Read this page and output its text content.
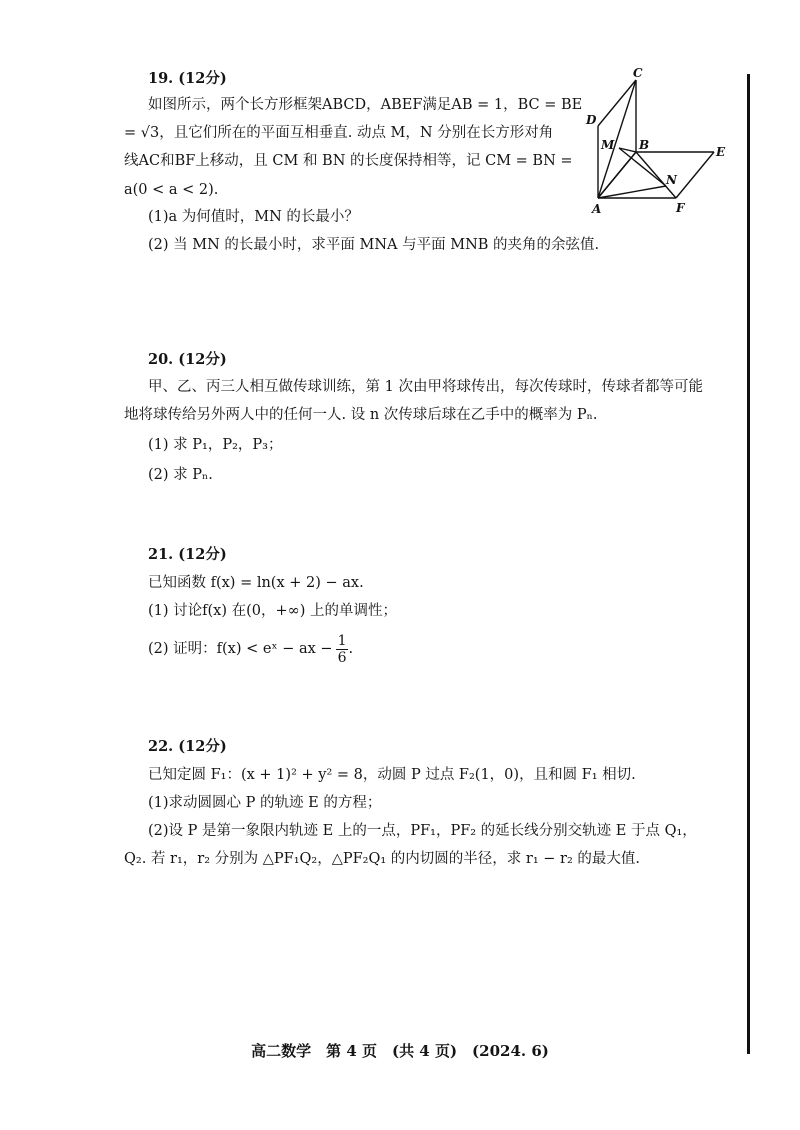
19. (12分)
如图所示，两个长方形框架ABCD，ABEF满足AB = 1，BC = BE
= √3，且它们所在的平面互相垂直. 动点 M，N 分别在长方形对角
线AC和BF上移动，且 CM 和 BN 的长度保持相等，记 CM = BN =
a(0 < a < 2).
(1)a 为何值时，MN 的长最小？
(2) 当 MN 的长最小时，求平面 MNA 与平面 MNB 的夹角的余弦值.
C
D
M B	E
N
A	F
20. (12分)
甲、乙、丙三人相互做传球训练，第 1 次由甲将球传出，每次传球时，传球者都等可能
地将球传给另外两人中的任何一人. 设 n 次传球后球在乙手中的概率为 Pₙ.
(1) 求 P₁，P₂，P₃；
(2) 求 Pₙ.
21. (12分)
已知函数 f(x) = ln(x + 2) − ax.
(1) 讨论f(x) 在(0，+∞) 上的单调性；
(2) 证明：f(x) < eˣ − ax − $\frac{1}{6}$ .
22. (12分)
已知定圆 F₁：(x + 1)² + y² = 8，动圆 P 过点 F₂(1，0)，且和圆 F₁ 相切.
(1)求动圆圆心 P 的轨迹 E 的方程；
(2)设 P 是第一象限内轨迹 E 上的一点，PF₁，PF₂ 的延长线分别交轨迹 E 于点 Q₁，
Q₂. 若 r₁，r₂ 分别为 △PF₁Q₂，△PF₂Q₁ 的内切圆的半径，求 r₁ − r₂ 的最大值.
高二数学　第 4 页　(共 4 页)　(2024. 6)
